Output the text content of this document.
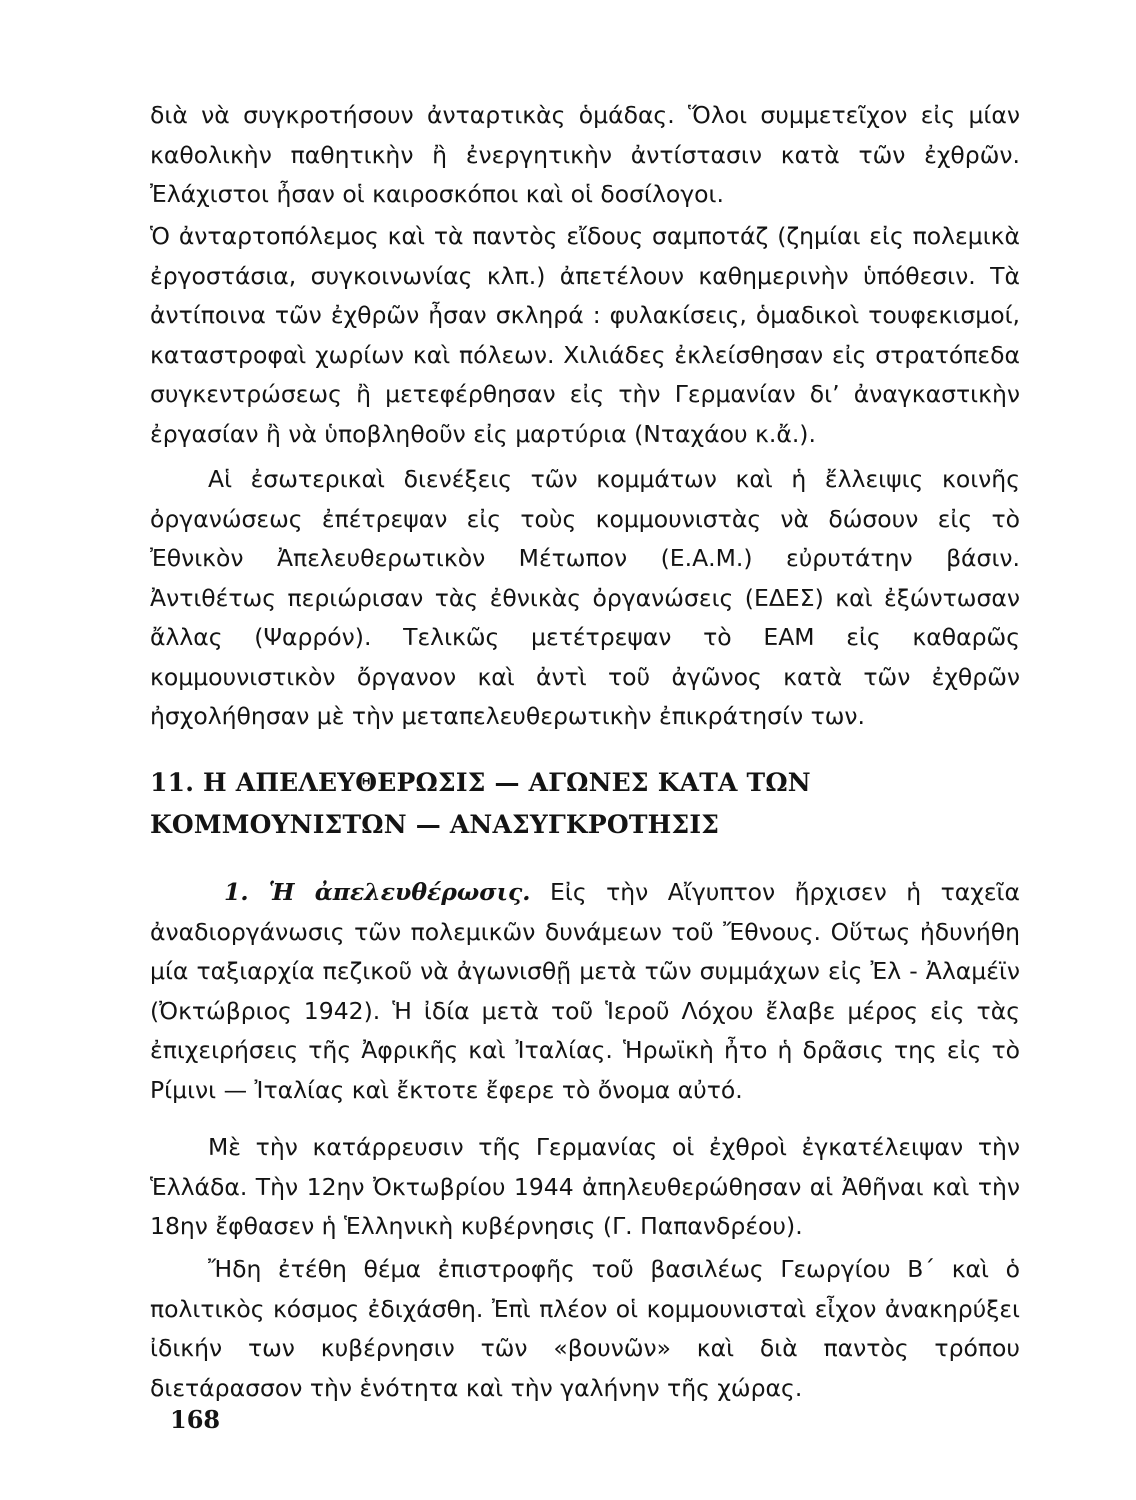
διὰ νὰ συγκροτήσουν ἀνταρτικὰς ὁμάδας. Ὅλοι συμμετεῖχον εἰς μίαν καθολικὴν παθητικὴν ἢ ἐνεργητικὴν ἀντίστασιν κατὰ τῶν ἐχθρῶν. Ἐλάχιστοι ἦσαν οἱ καιροσκόποι καὶ οἱ δοσίλογοι.

Ὁ ἀνταρτοπόλεμος καὶ τὰ παντὸς εἴδους σαμποτάζ (ζημίαι εἰς πολεμικὰ ἐργοστάσια, συγκοινωνίας κλπ.) ἀπετέλουν καθημερινὴν ὑπόθεσιν. Τὰ ἀντίποινα τῶν ἐχθρῶν ἦσαν σκληρά : φυλακίσεις, ὁμαδικοὶ τουφεκισμοί, καταστροφαὶ χωρίων καὶ πόλεων. Χιλιάδες ἐκλείσθησαν εἰς στρατόπεδα συγκεντρώσεως ἢ μετεφέρθησαν εἰς τὴν Γερμανίαν δι’ ἀναγκαστικὴν ἐργασίαν ἢ νὰ ὑποβληθοῦν εἰς μαρτύρια (Νταχάου κ.ἄ.).

Αἱ ἐσωτερικαὶ διενέξεις τῶν κομμάτων καὶ ἡ ἔλλειψις κοινῆς ὀργανώσεως ἐπέτρεψαν εἰς τοὺς κομμουνιστὰς νὰ δώσουν εἰς τὸ Ἐθνικὸν Ἀπελευθερωτικὸν Μέτωπον (Ε.Α.Μ.) εὐρυτάτην βάσιν. Ἀντιθέτως περιώρισαν τὰς ἐθνικὰς ὀργανώσεις (ΕΔΕΣ) καὶ ἐξώντωσαν ἄλλας (Ψαρρόν). Τελικῶς μετέτρεψαν τὸ ΕΑΜ εἰς καθαρῶς κομμουνιστικὸν ὄργανον καὶ ἀντὶ τοῦ ἀγῶνος κατὰ τῶν ἐχθρῶν ἠσχολήθησαν μὲ τὴν μεταπελευθερωτικὴν ἐπικράτησίν των.

11. Η ΑΠΕΛΕΥΘΕΡΩΣΙΣ — ΑΓΩΝΕΣ ΚΑΤΑ ΤΩΝ ΚΟΜΜΟΥΝΙΣΤΩΝ — ΑΝΑΣΥΓΚΡΟΤΗΣΙΣ

1. Ἡ ἀπελευθέρωσις. Εἰς τὴν Αἴγυπτον ἤρχισεν ἡ ταχεῖα ἀναδιοργάνωσις τῶν πολεμικῶν δυνάμεων τοῦ Ἔθνους. Οὕτως ἠδυνήθη μία ταξιαρχία πεζικοῦ νὰ ἀγωνισθῇ μετὰ τῶν συμμάχων εἰς Ἐλ - Ἀλαμέϊν (Ὀκτώβριος 1942). Ἡ ἰδία μετὰ τοῦ Ἱεροῦ Λόχου ἔλαβε μέρος εἰς τὰς ἐπιχειρήσεις τῆς Ἀφρικῆς καὶ Ἰταλίας. Ἡρωϊκὴ ἦτο ἡ δρᾶσις της εἰς τὸ Ρίμινι — Ἰταλίας καὶ ἔκτοτε ἔφερε τὸ ὄνομα αὐτό.

Μὲ τὴν κατάρρευσιν τῆς Γερμανίας οἱ ἐχθροὶ ἐγκατέλειψαν τὴν Ἑλλάδα. Τὴν 12ην Ὀκτωβρίου 1944 ἀπηλευθερώθησαν αἱ Ἀθῆναι καὶ τὴν 18ην ἔφθασεν ἡ Ἑλληνικὴ κυβέρνησις (Γ. Παπανδρέου).

Ἤδη ἐτέθη θέμα ἐπιστροφῆς τοῦ βασιλέως Γεωργίου Β΄ καὶ ὁ πολιτικὸς κόσμος ἐδιχάσθη. Ἐπὶ πλέον οἱ κομμουνισταὶ εἶχον ἀνακηρύξει ἰδικήν των κυβέρνησιν τῶν «βουνῶν» καὶ διὰ παντὸς τρόπου διετάρασσον τὴν ἑνότητα καὶ τὴν γαλήνην τῆς χώρας.

168
